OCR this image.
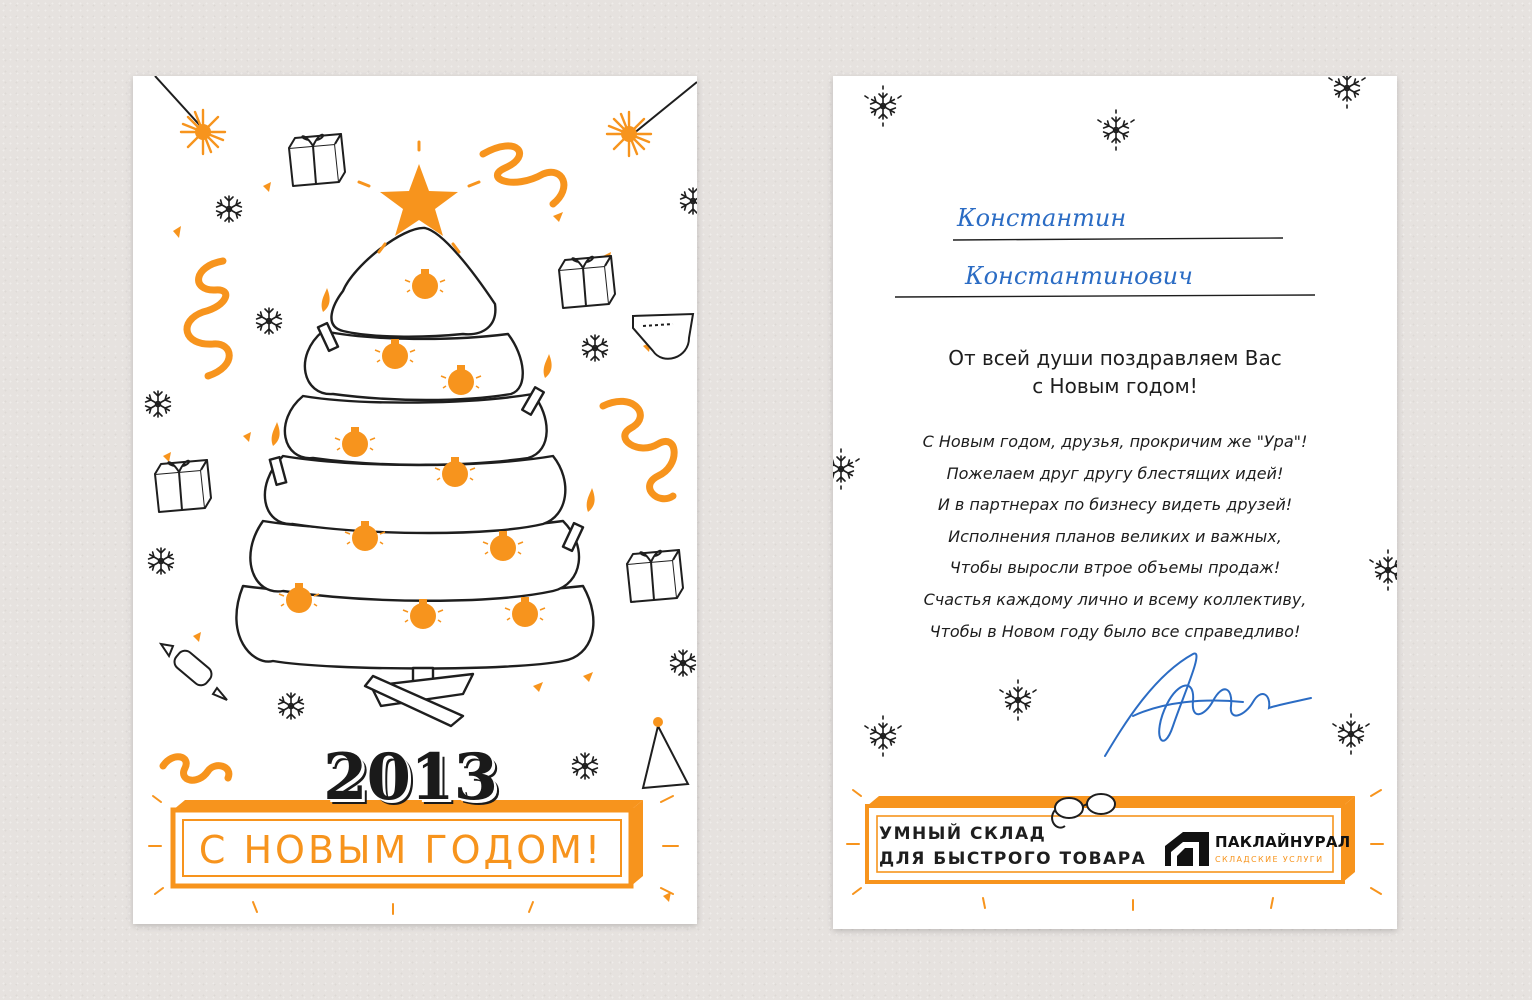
2013
С НОВЫМ ГОДОМ!
Константин
Константинович
От всей души поздравляем Вас
с Новым годом!
С Новым годом, друзья, прокричим же "Ура"!
Пожелаем друг другу блестящих идей!
И в партнерах по бизнесу видеть друзей!
Исполнения планов великих и важных,
Чтобы выросли втрое объемы продаж!
Счастья каждому лично и всему коллективу,
Чтобы в Новом году было все справедливо!
УМНЫЙ СКЛАД
ДЛЯ БЫСТРОГО ТОВАРА
ПАКЛАЙНУРАЛ
СКЛАДСКИЕ УСЛУГИ
